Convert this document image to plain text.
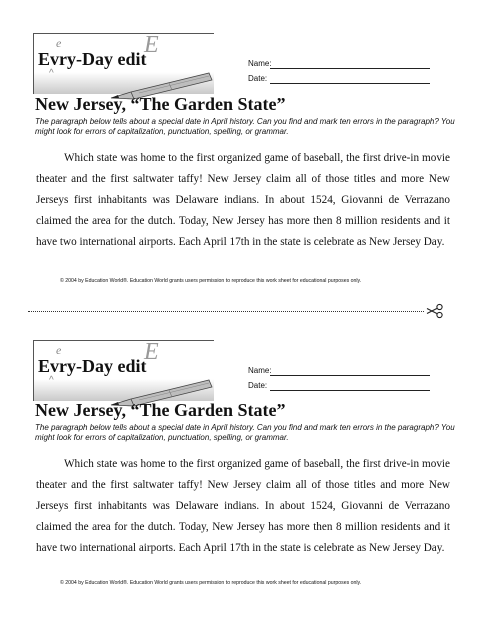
e
Evry-Day edit
^
E
Name:
Date:
New Jersey, “The Garden State”

The paragraph below tells about a special date in April history. Can you find and mark ten errors in the paragraph? You might look for errors of capitalization, punctuation, spelling, or grammar.

Which state was home to the first organized game of baseball, the first drive-in movie theater and the first saltwater taffy! New Jersey claim all of those titles and more New Jerseys first inhabitants was Delaware indians. In about 1524, Giovanni de Verrazano claimed the area for the dutch. Today, New Jersey has more then 8 million residents and it have two international airports. Each April 17th in the state is celebrate as New Jersey Day.

© 2004 by Education World®. Education World grants users permission to reproduce this work sheet for educational purposes only.

e
Evry-Day edit
^
E
Name:
Date:
New Jersey, “The Garden State”

The paragraph below tells about a special date in April history. Can you find and mark ten errors in the paragraph? You might look for errors of capitalization, punctuation, spelling, or grammar.

Which state was home to the first organized game of baseball, the first drive-in movie theater and the first saltwater taffy! New Jersey claim all of those titles and more New Jerseys first inhabitants was Delaware indians. In about 1524, Giovanni de Verrazano claimed the area for the dutch. Today, New Jersey has more then 8 million residents and it have two international airports. Each April 17th in the state is celebrate as New Jersey Day.

© 2004 by Education World®. Education World grants users permission to reproduce this work sheet for educational purposes only.
